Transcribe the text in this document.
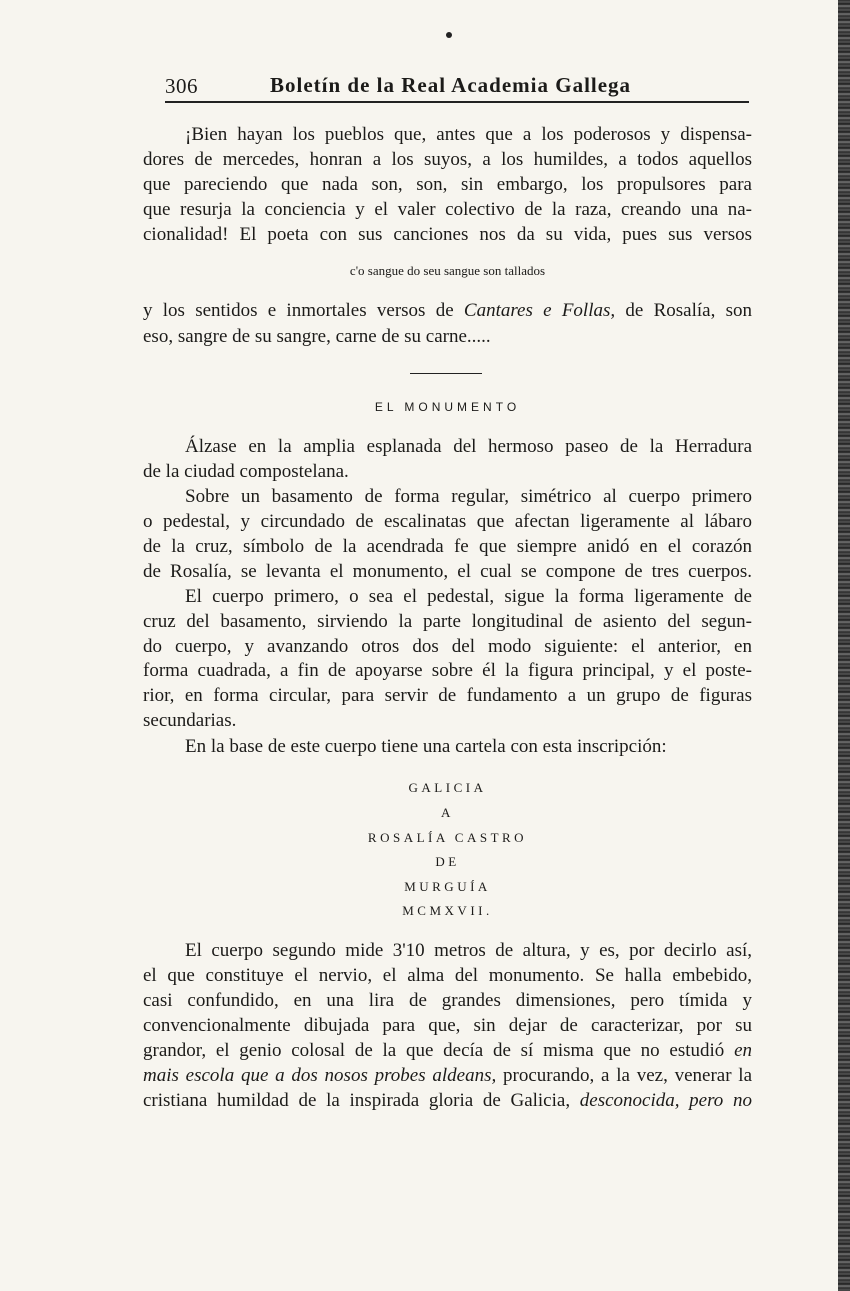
306	Boletín de la Real Academia Gallega
¡Bien hayan los pueblos que, antes que a los poderosos y dispensa-
dores de mercedes, honran a los suyos, a los humildes, a todos aquellos
que pareciendo que nada son, son, sin embargo, los propulsores para
que resurja la conciencia y el valer colectivo de la raza, creando una na-
cionalidad! El poeta con sus canciones nos da su vida, pues sus versos
c'o sangue do seu sangue son tallados
y los sentidos e inmortales versos de Cantares e Follas, de Rosalía, son
eso, sangre de su sangre, carne de su carne.....
EL MONUMENTO
Álzase en la amplia esplanada del hermoso paseo de la Herradura
de la ciudad compostelana.
Sobre un basamento de forma regular, simétrico al cuerpo primero
o pedestal, y circundado de escalinatas que afectan ligeramente al lábaro
de la cruz, símbolo de la acendrada fe que siempre anidó en el corazón
de Rosalía, se levanta el monumento, el cual se compone de tres cuerpos.
El cuerpo primero, o sea el pedestal, sigue la forma ligeramente de
cruz del basamento, sirviendo la parte longitudinal de asiento del segun-
do cuerpo, y avanzando otros dos del modo siguiente: el anterior, en
forma cuadrada, a fin de apoyarse sobre él la figura principal, y el poste-
rior, en forma circular, para servir de fundamento a un grupo de figuras
secundarias.
En la base de este cuerpo tiene una cartela con esta inscripción:
GALICIA
A
ROSALÍA CASTRO
DE
MURGUÍA
MCMXVII.
El cuerpo segundo mide 3'10 metros de altura, y es, por decirlo así,
el que constituye el nervio, el alma del monumento. Se halla embebido,
casi confundido, en una lira de grandes dimensiones, pero tímida y
convencionalmente dibujada para que, sin dejar de caracterizar, por su
grandor, el genio colosal de la que decía de sí misma que no estudió en
mais escola que a dos nosos probes aldeans, procurando, a la vez, venerar la
cristiana humildad de la inspirada gloria de Galicia, desconocida, pero no
